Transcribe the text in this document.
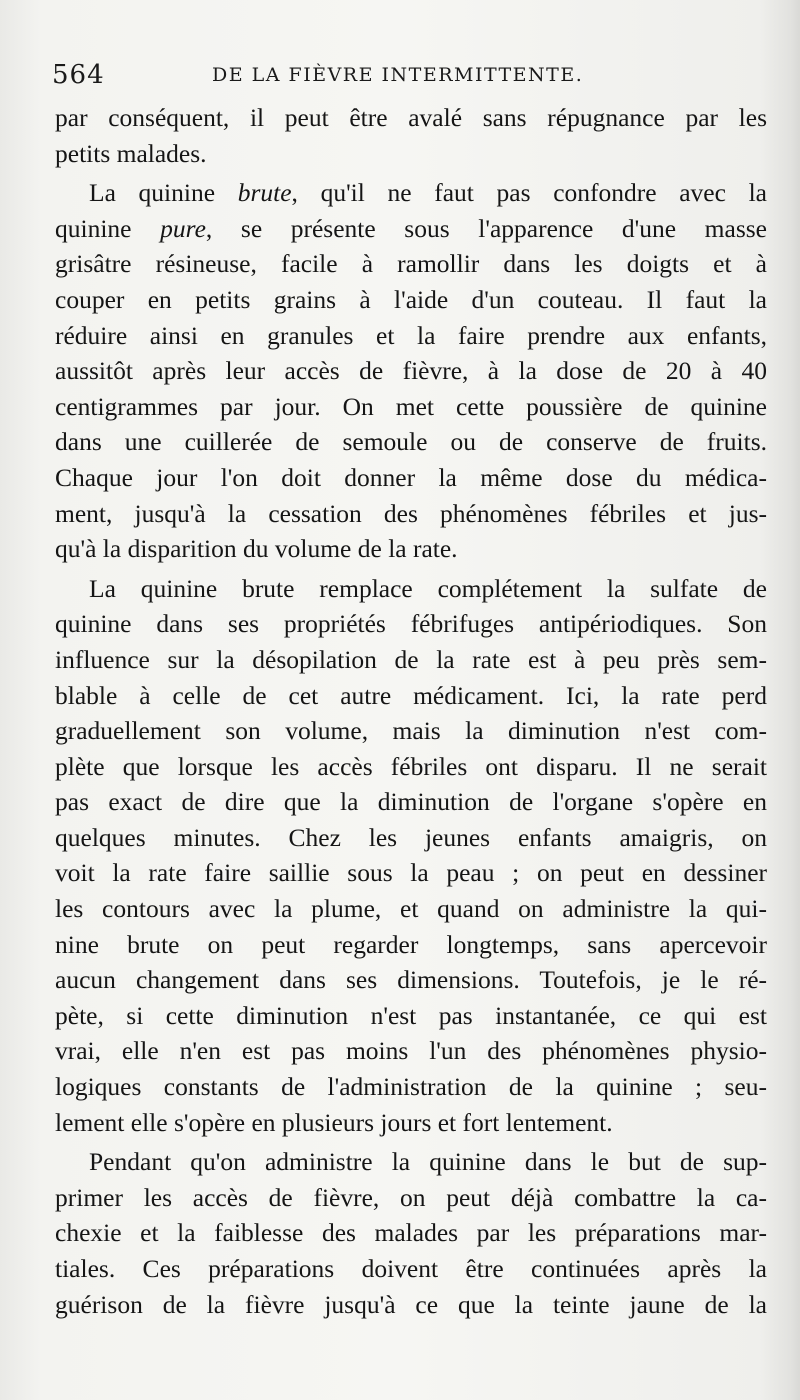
564	DE LA FIÈVRE INTERMITTENTE.
par conséquent, il peut être avalé sans répugnance par les
petits malades.
La quinine brute, qu'il ne faut pas confondre avec la
quinine pure, se présente sous l'apparence d'une masse
grisâtre résineuse, facile à ramollir dans les doigts et à
couper en petits grains à l'aide d'un couteau. Il faut la
réduire ainsi en granules et la faire prendre aux enfants,
aussitôt après leur accès de fièvre, à la dose de 20 à 40
centigrammes par jour. On met cette poussière de quinine
dans une cuillerée de semoule ou de conserve de fruits.
Chaque jour l'on doit donner la même dose du médica-
ment, jusqu'à la cessation des phénomènes fébriles et jus-
qu'à la disparition du volume de la rate.
La quinine brute remplace complétement la sulfate de
quinine dans ses propriétés fébrifuges antipériodiques. Son
influence sur la désopilation de la rate est à peu près sem-
blable à celle de cet autre médicament. Ici, la rate perd
graduellement son volume, mais la diminution n'est com-
plète que lorsque les accès fébriles ont disparu. Il ne serait
pas exact de dire que la diminution de l'organe s'opère en
quelques minutes. Chez les jeunes enfants amaigris, on
voit la rate faire saillie sous la peau ; on peut en dessiner
les contours avec la plume, et quand on administre la qui-
nine brute on peut regarder longtemps, sans apercevoir
aucun changement dans ses dimensions. Toutefois, je le ré-
pète, si cette diminution n'est pas instantanée, ce qui est
vrai, elle n'en est pas moins l'un des phénomènes physio-
logiques constants de l'administration de la quinine ; seu-
lement elle s'opère en plusieurs jours et fort lentement.
Pendant qu'on administre la quinine dans le but de sup-
primer les accès de fièvre, on peut déjà combattre la ca-
chexie et la faiblesse des malades par les préparations mar-
tiales. Ces préparations doivent être continuées après la
guérison de la fièvre jusqu'à ce que la teinte jaune de la
